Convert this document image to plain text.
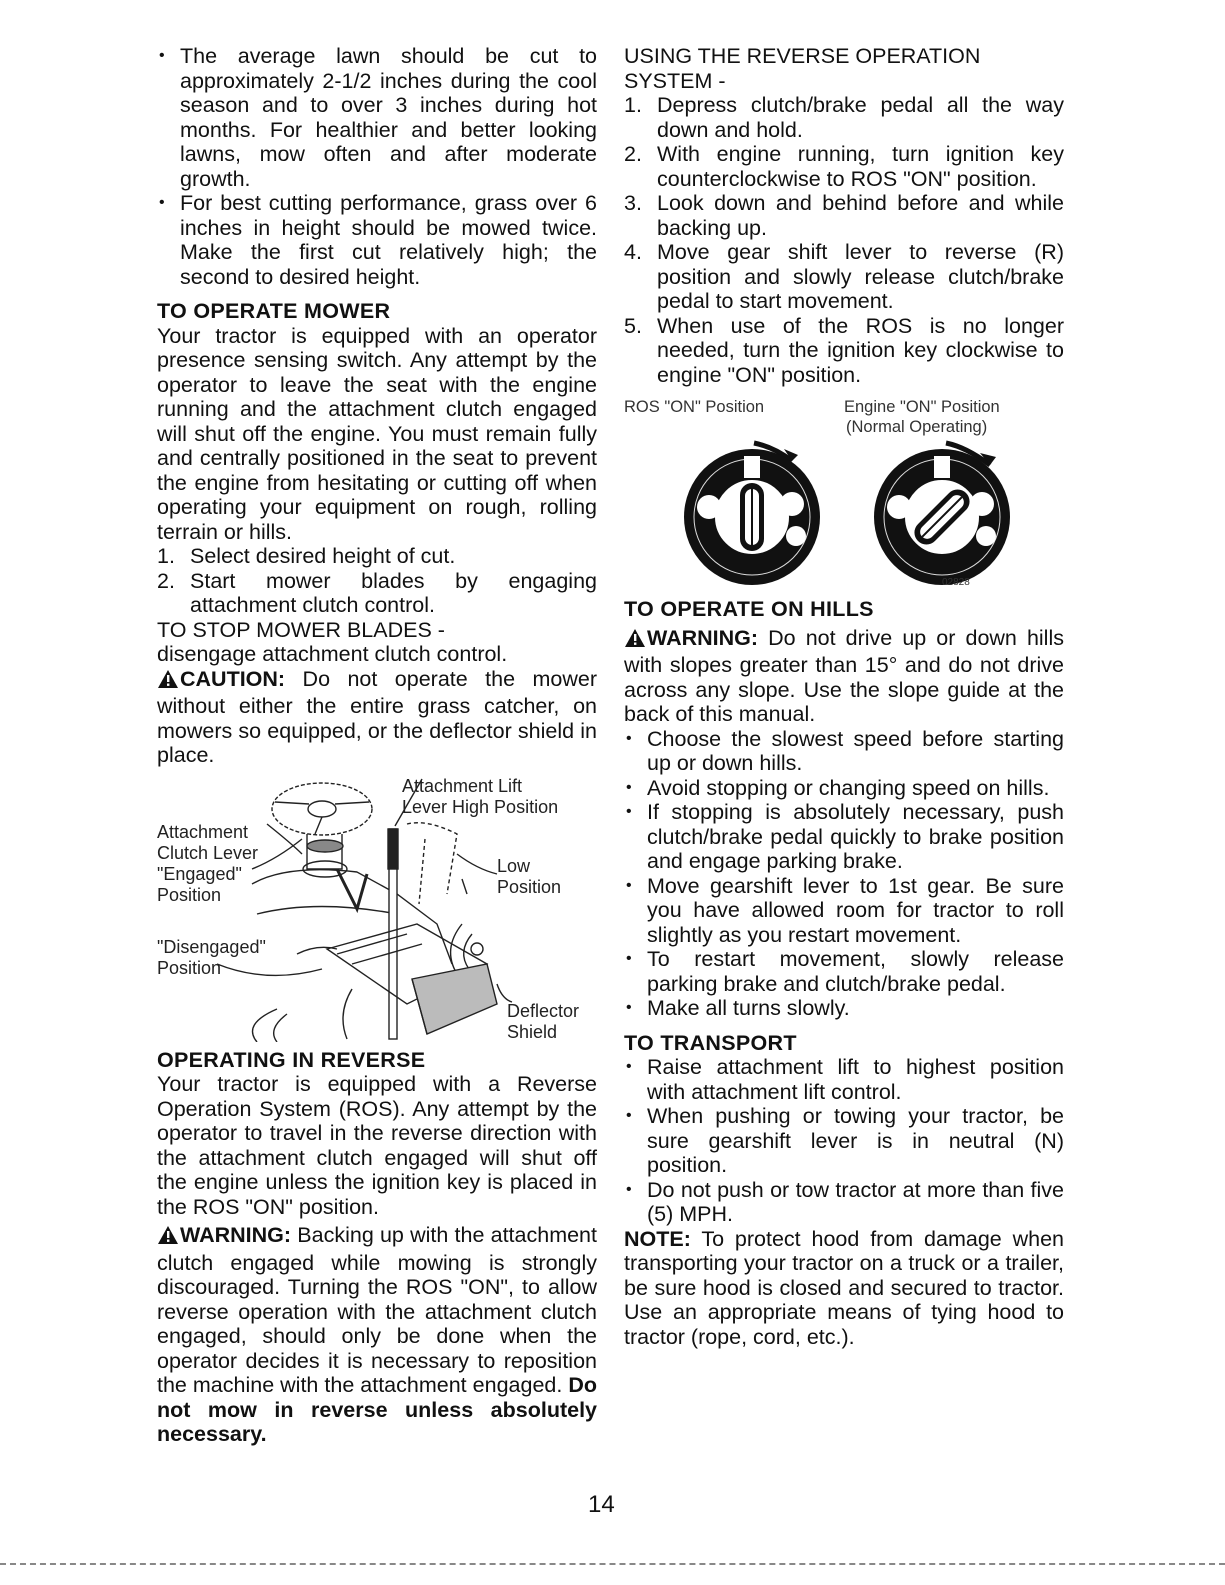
• The average lawn should be cut to approximately 2-1/2 inches during the cool season and to over 3 inches during hot months. For healthier and better looking lawns, mow often and after moderate growth.
• For best cutting performance, grass over 6 inches in height should be mowed twice. Make the first cut relatively high; the second to desired height.
TO OPERATE MOWER

Your tractor is equipped with an operator presence sensing switch. Any attempt by the operator to leave the seat with the engine running and the attachment clutch engaged will shut off the engine. You must remain fully and centrally positioned in the seat to prevent the engine from hesitating or cutting off when operating your equipment on rough, rolling terrain or hills.

1. Select desired height of cut.
2. Start mower blades by engaging attachment clutch control.

TO STOP MOWER BLADES -

disengage attachment clutch control.

CAUTION: Do not operate the mower without either the entire grass catcher, on mowers so equipped, or the deflector shield in place.

Attachment Lift
Lever High Position
Attachment
Clutch Lever
"Engaged"
Position
Low
Position
"Disengaged"
Position
Deflector
Shield
OPERATING IN REVERSE

Your tractor is equipped with a Reverse Operation System (ROS). Any attempt by the operator to travel in the reverse direction with the attachment clutch engaged will shut off the engine unless the ignition key is placed in the ROS "ON" position.

WARNING: Backing up with the attachment clutch engaged while mowing is strongly discouraged. Turning the ROS "ON", to allow reverse operation with the attachment clutch engaged, should only be done when the operator decides it is necessary to reposition the machine with the attachment engaged. Do not mow in reverse unless absolutely necessary.

USING THE REVERSE OPERATION SYSTEM -

1. Depress clutch/brake pedal all the way down and hold.
2. With engine running, turn ignition key counterclockwise to ROS "ON" position.
3. Look down and behind before and while backing up.
4. Move gear shift lever to reverse (R) position and slowly release clutch/brake pedal to start movement.
5. When use of the ROS is no longer needed, turn the ignition key clockwise to engine "ON" position.
ROS "ON" Position	Engine "ON" Position
(Normal Operating)
02828
TO OPERATE ON HILLS

WARNING: Do not drive up or down hills with slopes greater than 15° and do not drive across any slope. Use the slope guide at the back of this manual.

• Choose the slowest speed before starting up or down hills.
• Avoid stopping or changing speed on hills.
• If stopping is absolutely necessary, push clutch/brake pedal quickly to brake position and engage parking brake.
• Move gearshift lever to 1st gear. Be sure you have allowed room for tractor to roll slightly as you restart movement.
• To restart movement, slowly release parking brake and clutch/brake pedal.
• Make all turns slowly.
TO TRANSPORT
• Raise attachment lift to highest position with attachment lift control.
• When pushing or towing your tractor, be sure gearshift lever is in neutral (N) position.
• Do not push or tow tractor at more than five (5) MPH.

NOTE: To protect hood from damage when transporting your tractor on a truck or a trailer, be sure hood is closed and secured to tractor. Use an appropriate means of tying hood to tractor (rope, cord, etc.).

14
